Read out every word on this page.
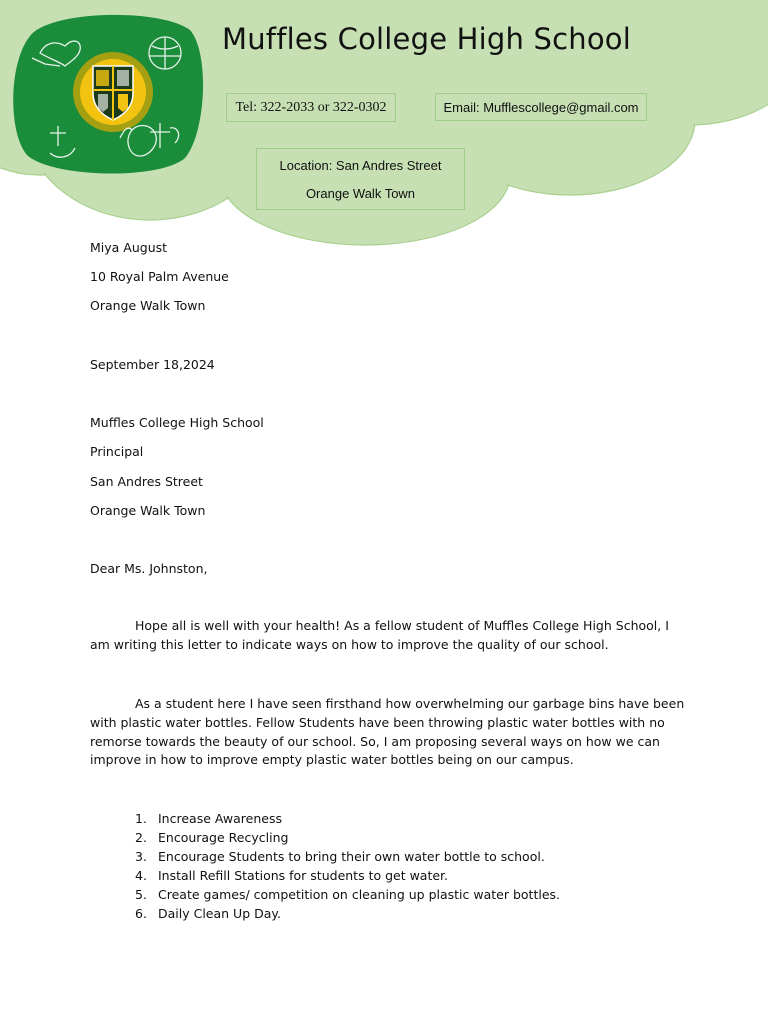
Muffles College High School
Tel: 322-2033 or 322-0302	Email: Mufflescollege@gmail.com
Location: San Andres Street
Orange Walk Town
Miya August
10 Royal Palm Avenue
Orange Walk Town
September 18,2024
Muffles College High School
Principal
San Andres Street
Orange Walk Town
Dear Ms. Johnston,

Hope all is well with your health! As a fellow student of Muffles College High School, I am writing this letter to indicate ways on how to improve the quality of our school.

As a student here I have seen firsthand how overwhelming our garbage bins have been with plastic water bottles. Fellow Students have been throwing plastic water bottles with no remorse towards the beauty of our school. So, I am proposing several ways on how we can improve in how to improve empty plastic water bottles being on our campus.

1. Increase Awareness
2. Encourage Recycling
3. Encourage Students to bring their own water bottle to school.
4. Install Refill Stations for students to get water.
5. Create games/ competition on cleaning up plastic water bottles.
6. Daily Clean Up Day.
